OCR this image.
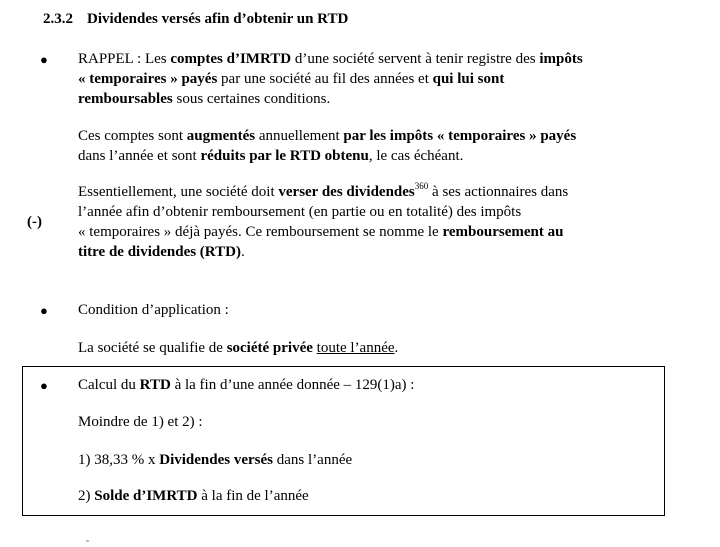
2.3.2 Dividendes versés afin d’obtenir un RTD
● RAPPEL : Les comptes d’IMRTD d’une société servent à tenir registre des impôts
« temporaires » payés par une société au fil des années et qui lui sont
remboursables sous certaines conditions.
Ces comptes sont augmentés annuellement par les impôts « temporaires » payés
dans l’année et sont réduits par le RTD obtenu, le cas échéant.
Essentiellement, une société doit verser des dividendes$^{360}$ à ses actionnaires dans
l’année afin d’obtenir remboursement (en partie ou en totalité) des impôts
« temporaires » déjà payés. Ce remboursement se nomme le remboursement au
titre de dividendes (RTD).
(-)
● Condition d’application :
La société se qualifie de société privée toute l’année.
● Calcul du RTD à la fin d’une année donnée – 129(1)a) :
Moindre de 1) et 2) :
1) 38,33 % x Dividendes versés dans l’année
2) Solde d’IMRTD à la fin de l’année
